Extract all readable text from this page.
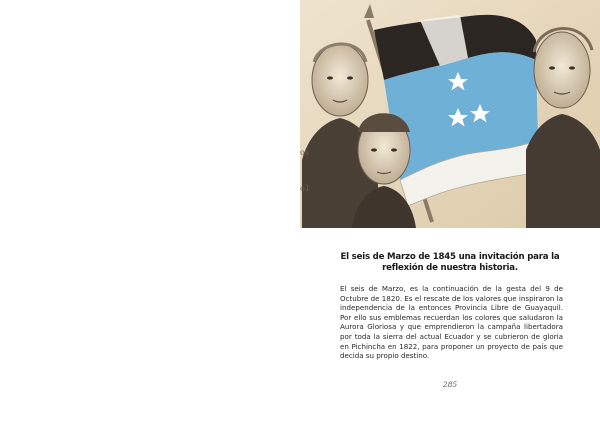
os
o1
El seis de Marzo de 1845 una invitación para la
reflexión de nuestra historia.

El seis de Marzo, es la continuación de la gesta del 9 de Octubre de 1820. Es el rescate de los valores que inspiraron la independencia de la entonces Provincia Libre de Guayaquil. Por ello sus emblemas recuerdan los colores que saludaron la Aurora Gloriosa y que emprendieron la campaña libertadora por toda la sierra del actual Ecuador y se cubrieron de gloria en Pichincha en 1822, para proponer un proyecto de país que decida su propio destino.

285
